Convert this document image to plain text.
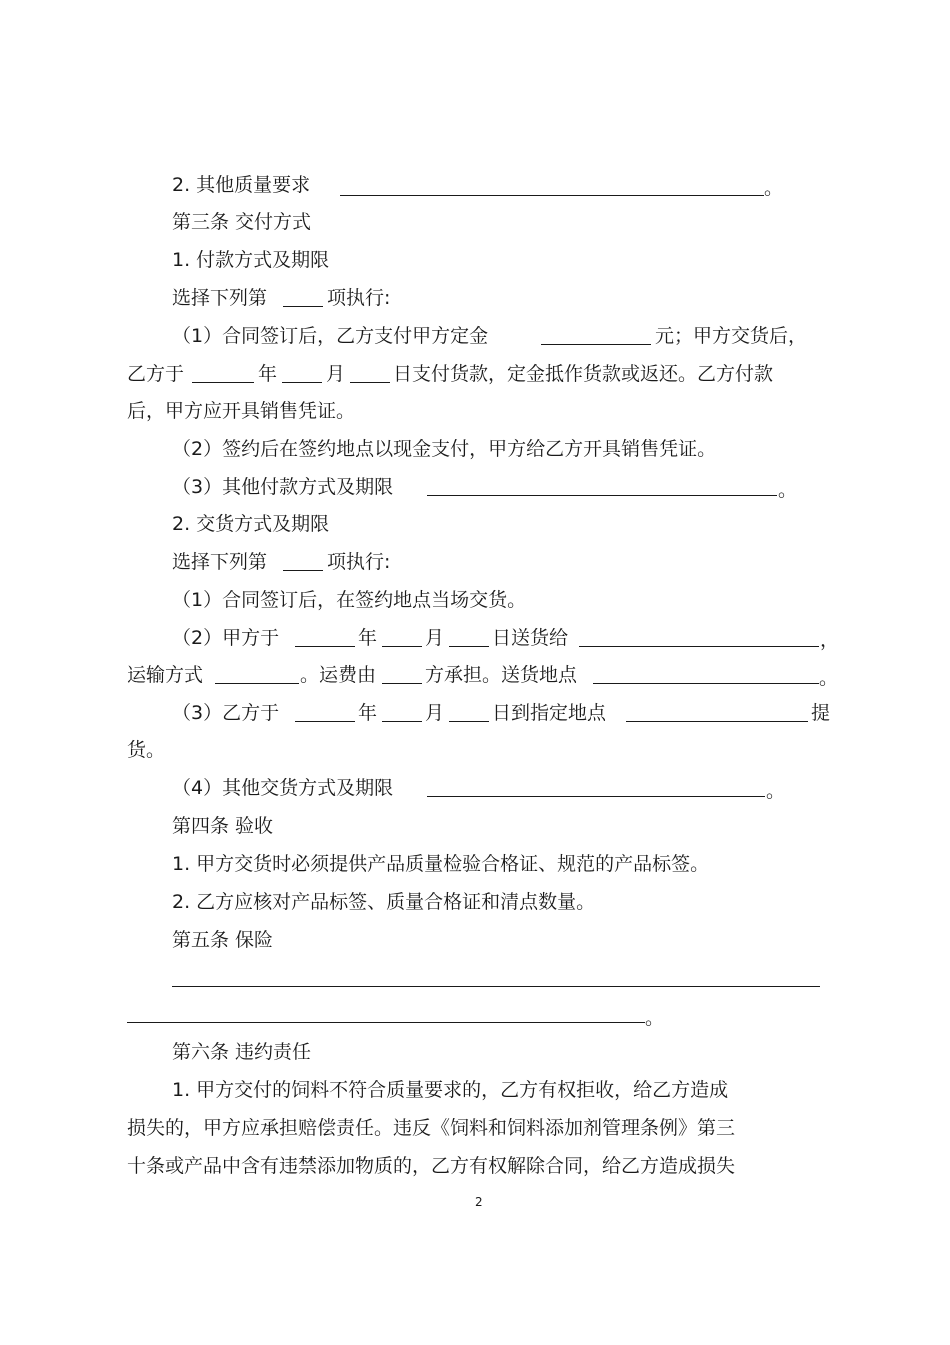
2. 其他质量要求	。
第三条 交付方式
1. 付款方式及期限
选择下列第	项执行:
（1）合同签订后，乙方支付甲方定金	元；甲方交货后，
乙方于	年	月	日支付货款，定金抵作货款或返还。乙方付款
后，甲方应开具销售凭证。
（2）签约后在签约地点以现金支付，甲方给乙方开具销售凭证。
（3）其他付款方式及期限	。
2. 交货方式及期限
选择下列第	项执行:
（1）合同签订后，在签约地点当场交货。
（2）甲方于	年	月	日送货给	，
运输方式	。运费由	方承担。送货地点	。
（3）乙方于	年	月	日到指定地点	提
货。
（4）其他交货方式及期限	。
第四条 验收
1. 甲方交货时必须提供产品质量检验合格证、规范的产品标签。
2. 乙方应核对产品标签、质量合格证和清点数量。
第五条 保险
。
第六条 违约责任
1. 甲方交付的饲料不符合质量要求的，乙方有权拒收，给乙方造成
损失的，甲方应承担赔偿责任。违反《饲料和饲料添加剂管理条例》第三
十条或产品中含有违禁添加物质的，乙方有权解除合同，给乙方造成损失
2
